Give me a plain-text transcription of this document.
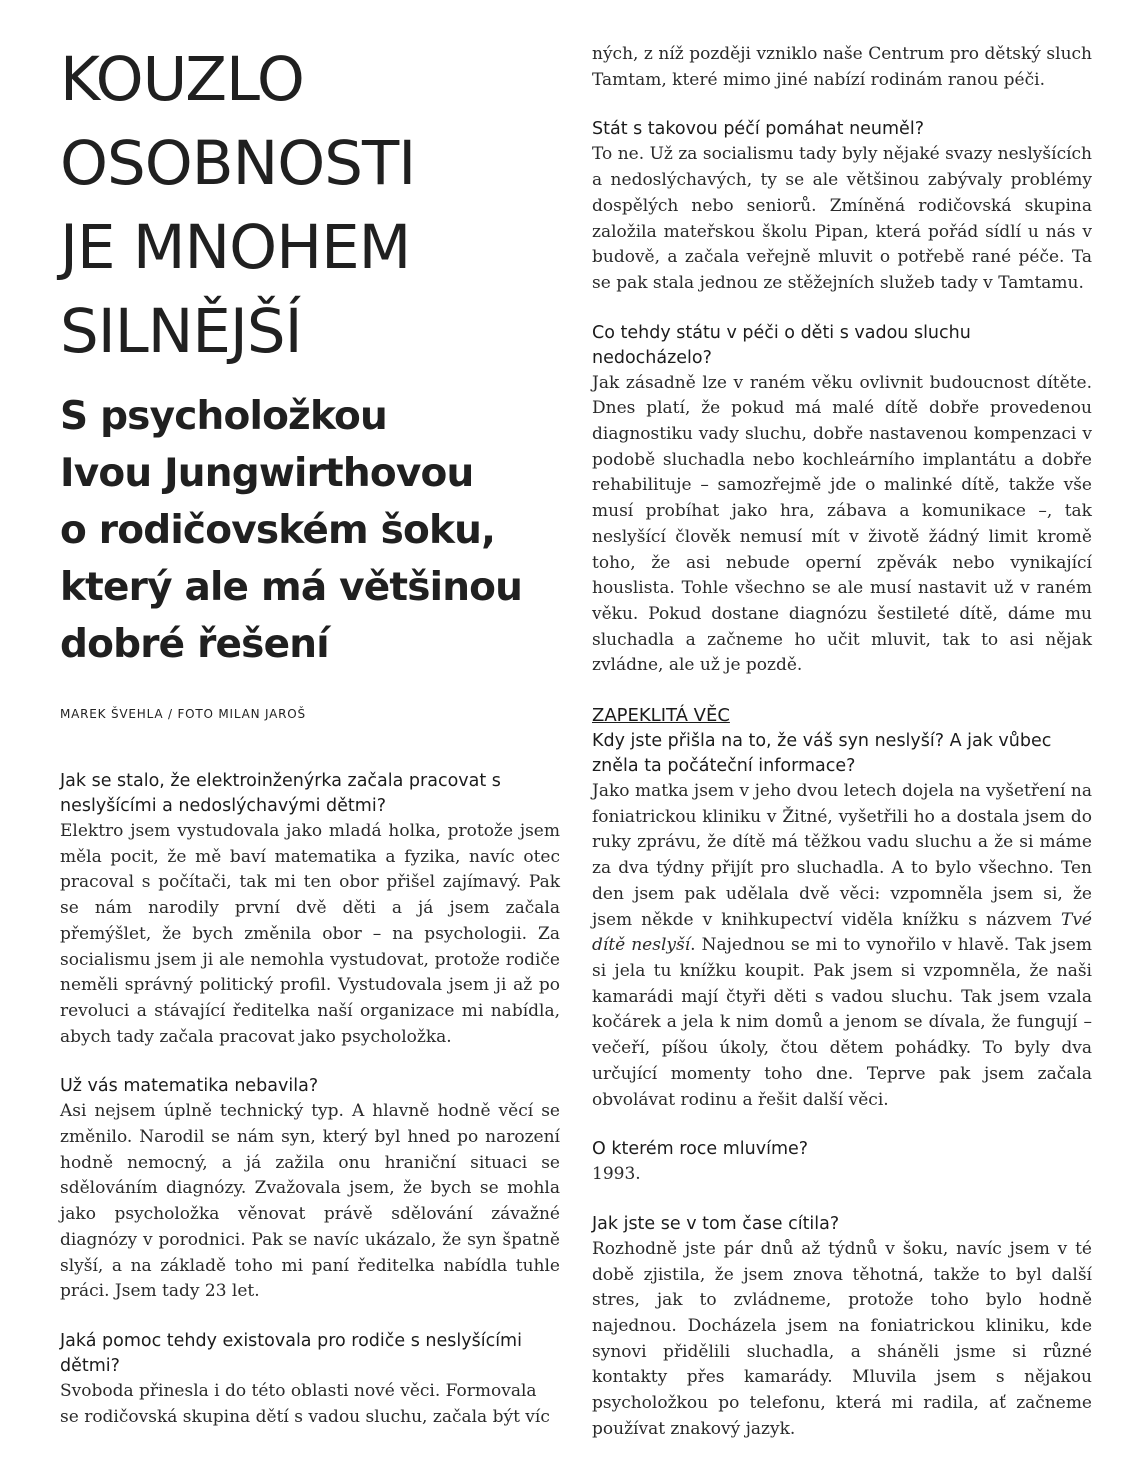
KOUZLO
OSOBNOSTI
JE MNOHEM
SILNĚJŠÍ
S psycholožkou
Ivou Jungwirthovou
o rodičovském šoku,
který ale má většinou
dobré řešení

MAREK ŠVEHLA / FOTO MILAN JAROŠ

Jak se stalo, že elektroinženýrka začala pracovat s neslyšícími a nedoslýchavými dětmi?

Elektro jsem vystudovala jako mladá holka, protože jsem měla pocit, že mě baví matematika a fyzika, navíc otec pracoval s počítači, tak mi ten obor přišel zajímavý. Pak se nám narodily první dvě děti a já jsem začala přemýšlet, že bych změnila obor – na psychologii. Za socialismu jsem ji ale nemohla vystudovat, protože rodiče neměli správný politický profil. Vystudovala jsem ji až po revoluci a stávající ředitelka naší organizace mi nabídla, abych tady začala pracovat jako psycholožka.

Už vás matematika nebavila?

Asi nejsem úplně technický typ. A hlavně hodně věcí se změnilo. Narodil se nám syn, který byl hned po narození hodně nemocný, a já zažila onu hraniční situaci se sdělováním diagnózy. Zvažovala jsem, že bych se mohla jako psycholožka věnovat právě sdělování závažné diagnózy v porodnici. Pak se navíc ukázalo, že syn špatně slyší, a na základě toho mi paní ředitelka nabídla tuhle práci. Jsem tady 23 let.

Jaká pomoc tehdy existovala pro rodiče s neslyšícími dětmi?

Svoboda přinesla i do této oblasti nové věci. Formovala se rodičovská skupina dětí s vadou sluchu, začala být víc

ných, z níž později vzniklo naše Centrum pro dětský sluch Tamtam, které mimo jiné nabízí rodinám ranou péči.

Stát s takovou péčí pomáhat neuměl?

To ne. Už za socialismu tady byly nějaké svazy neslyšících a nedoslýchavých, ty se ale většinou zabývaly problémy dospělých nebo seniorů. Zmíněná rodičovská skupina založila mateřskou školu Pipan, která pořád sídlí u nás v budově, a začala veřejně mluvit o potřebě rané péče. Ta se pak stala jednou ze stěžejních služeb tady v Tamtamu.

Co tehdy státu v péči o děti s vadou sluchu nedocházelo?

Jak zásadně lze v raném věku ovlivnit budoucnost dítěte. Dnes platí, že pokud má malé dítě dobře provedenou diagnostiku vady sluchu, dobře nastavenou kompenzaci v podobě sluchadla nebo kochleárního implantátu a dobře rehabilituje – samozřejmě jde o malinké dítě, takže vše musí probíhat jako hra, zábava a komunikace –, tak neslyšící člověk nemusí mít v životě žádný limit kromě toho, že asi nebude operní zpěvák nebo vynikající houslista. Tohle všechno se ale musí nastavit už v raném věku. Pokud dostane diagnózu šestileté dítě, dáme mu sluchadla a začneme ho učit mluvit, tak to asi nějak zvládne, ale už je pozdě.

ZAPEKLITÁ VĚC

Kdy jste přišla na to, že váš syn neslyší? A jak vůbec zněla ta počáteční informace?

Jako matka jsem v jeho dvou letech dojela na vyšetření na foniatrickou kliniku v Žitné, vyšetřili ho a dostala jsem do ruky zprávu, že dítě má těžkou vadu sluchu a že si máme za dva týdny přijít pro sluchadla. A to bylo všechno. Ten den jsem pak udělala dvě věci: vzpomněla jsem si, že jsem někde v knihkupectví viděla knížku s názvem Tvé dítě neslyší. Najednou se mi to vynořilo v hlavě. Tak jsem si jela tu knížku koupit. Pak jsem si vzpomněla, že naši kamarádi mají čtyři děti s vadou sluchu. Tak jsem vzala kočárek a jela k nim domů a jenom se dívala, že fungují – večeří, píšou úkoly, čtou dětem pohádky. To byly dva určující momenty toho dne. Teprve pak jsem začala obvolávat rodinu a řešit další věci.

O kterém roce mluvíme?

1993.

Jak jste se v tom čase cítila?

Rozhodně jste pár dnů až týdnů v šoku, navíc jsem v té době zjistila, že jsem znova těhotná, takže to byl další stres, jak to zvládneme, protože toho bylo hodně najednou. Docházela jsem na foniatrickou kliniku, kde synovi přidělili sluchadla, a sháněli jsme si různé kontakty přes kamarády. Mluvila jsem s nějakou psycholožkou po telefonu, která mi radila, ať začneme používat znakový jazyk.
